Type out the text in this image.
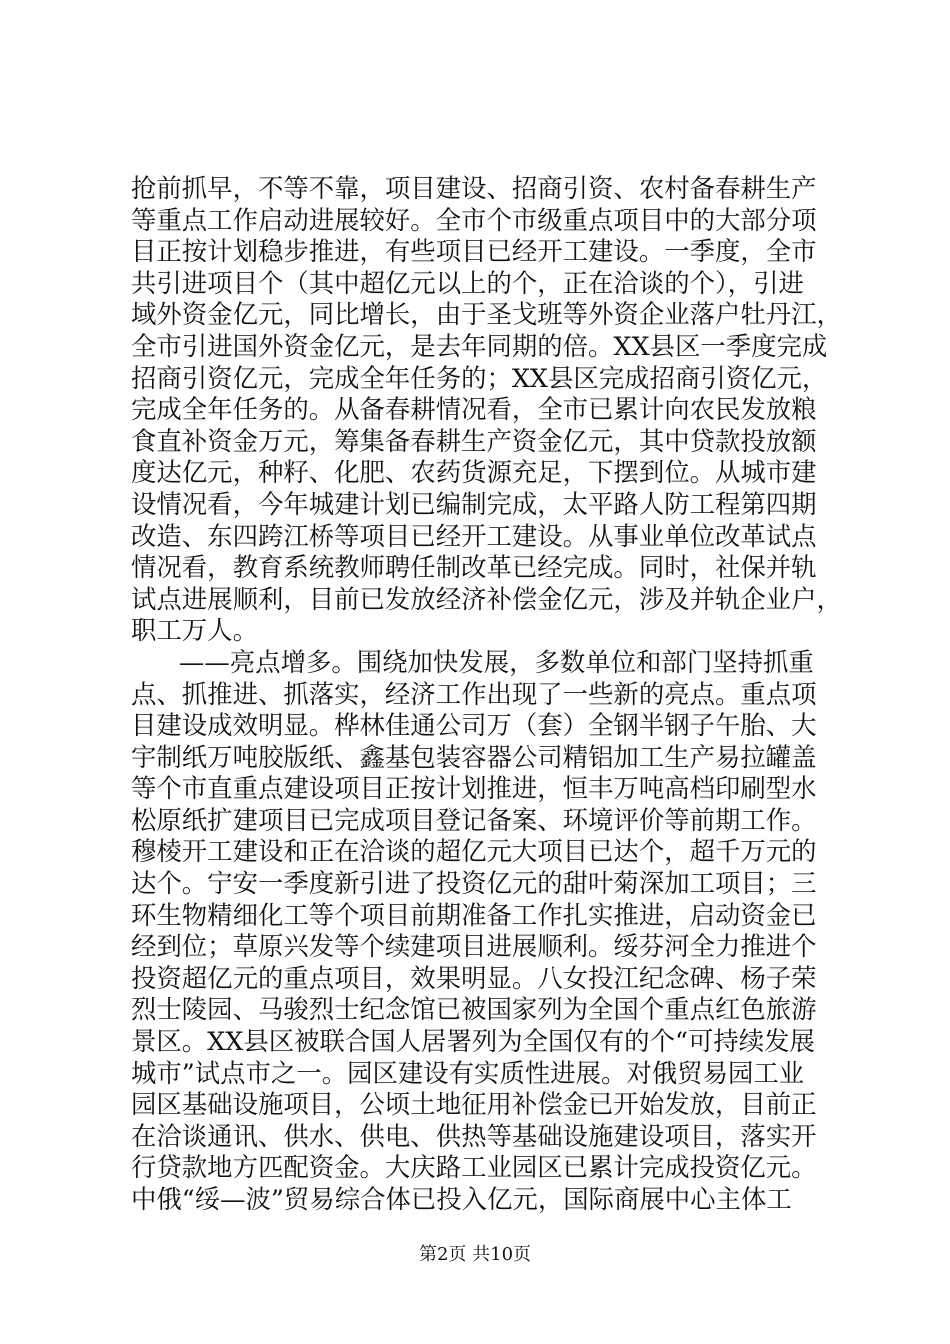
抢前抓早，不等不靠，项目建设、招商引资、农村备春耕生产
等重点工作启动进展较好。全市个市级重点项目中的大部分项
目正按计划稳步推进，有些项目已经开工建设。一季度，全市
共引进项目个（其中超亿元以上的个，正在洽谈的个），引进
域外资金亿元，同比增长，由于圣戈班等外资企业落户牡丹江，
全市引进国外资金亿元，是去年同期的倍。XX县区一季度完成
招商引资亿元，完成全年任务的；XX县区完成招商引资亿元，
完成全年任务的。从备春耕情况看，全市已累计向农民发放粮
食直补资金万元，筹集备春耕生产资金亿元，其中贷款投放额
度达亿元，种籽、化肥、农药货源充足，下摆到位。从城市建
设情况看，今年城建计划已编制完成，太平路人防工程第四期
改造、东四跨江桥等项目已经开工建设。从事业单位改革试点
情况看，教育系统教师聘任制改革已经完成。同时，社保并轨
试点进展顺利，目前已发放经济补偿金亿元，涉及并轨企业户，
职工万人。
——亮点增多。围绕加快发展，多数单位和部门坚持抓重
点、抓推进、抓落实，经济工作出现了一些新的亮点。重点项
目建设成效明显。桦林佳通公司万（套）全钢半钢子午胎、大
宇制纸万吨胶版纸、鑫基包装容器公司精铝加工生产易拉罐盖
等个市直重点建设项目正按计划推进，恒丰万吨高档印刷型水
松原纸扩建项目已完成项目登记备案、环境评价等前期工作。
穆棱开工建设和正在洽谈的超亿元大项目已达个，超千万元的
达个。宁安一季度新引进了投资亿元的甜叶菊深加工项目；三
环生物精细化工等个项目前期准备工作扎实推进，启动资金已
经到位；草原兴发等个续建项目进展顺利。绥芬河全力推进个
投资超亿元的重点项目，效果明显。八女投江纪念碑、杨子荣
烈士陵园、马骏烈士纪念馆已被国家列为全国个重点红色旅游
景区。XX县区被联合国人居署列为全国仅有的个“可持续发展
城市”试点市之一。园区建设有实质性进展。对俄贸易园工业
园区基础设施项目，公顷土地征用补偿金已开始发放，目前正
在洽谈通讯、供水、供电、供热等基础设施建设项目，落实开
行贷款地方匹配资金。大庆路工业园区已累计完成投资亿元。
中俄“绥—波”贸易综合体已投入亿元，国际商展中心主体工
第2页 共10页
